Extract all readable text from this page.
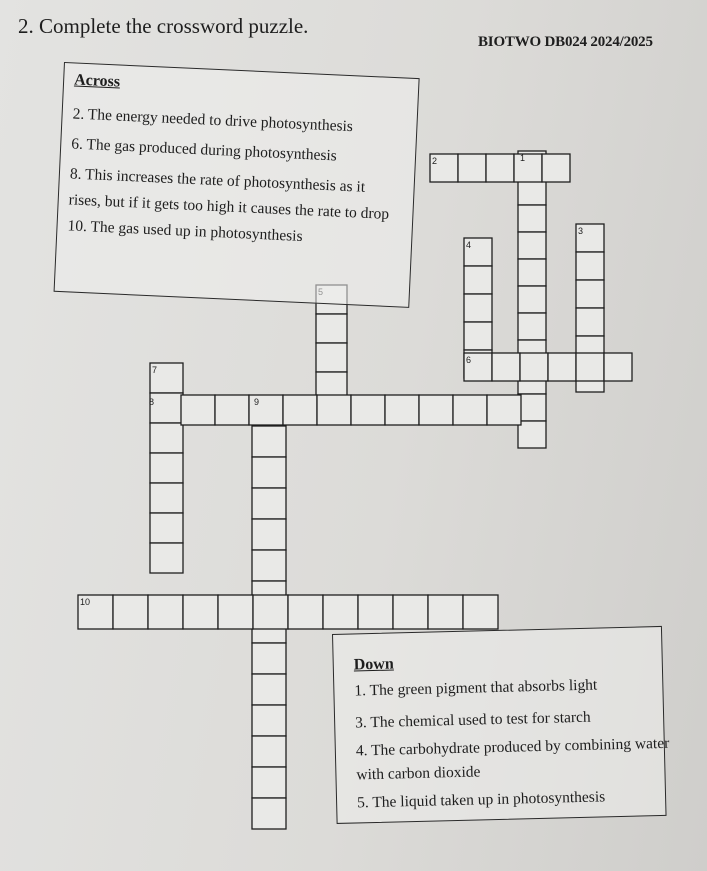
2. Complete the crossword puzzle.
BIOTWO DB024 2024/2025
1
2
3
4
6
7
8	9
10
Across
2. The energy needed to drive photosynthesis
6. The gas produced during photosynthesis
8. This increases the rate of photosynthesis as it
rises, but if it gets too high it causes the rate to drop
10. The gas used up in photosynthesis
Down
1. The green pigment that absorbs light
3. The chemical used to test for starch
4. The carbohydrate produced by combining water
with carbon dioxide
5. The liquid taken up in photosynthesis
